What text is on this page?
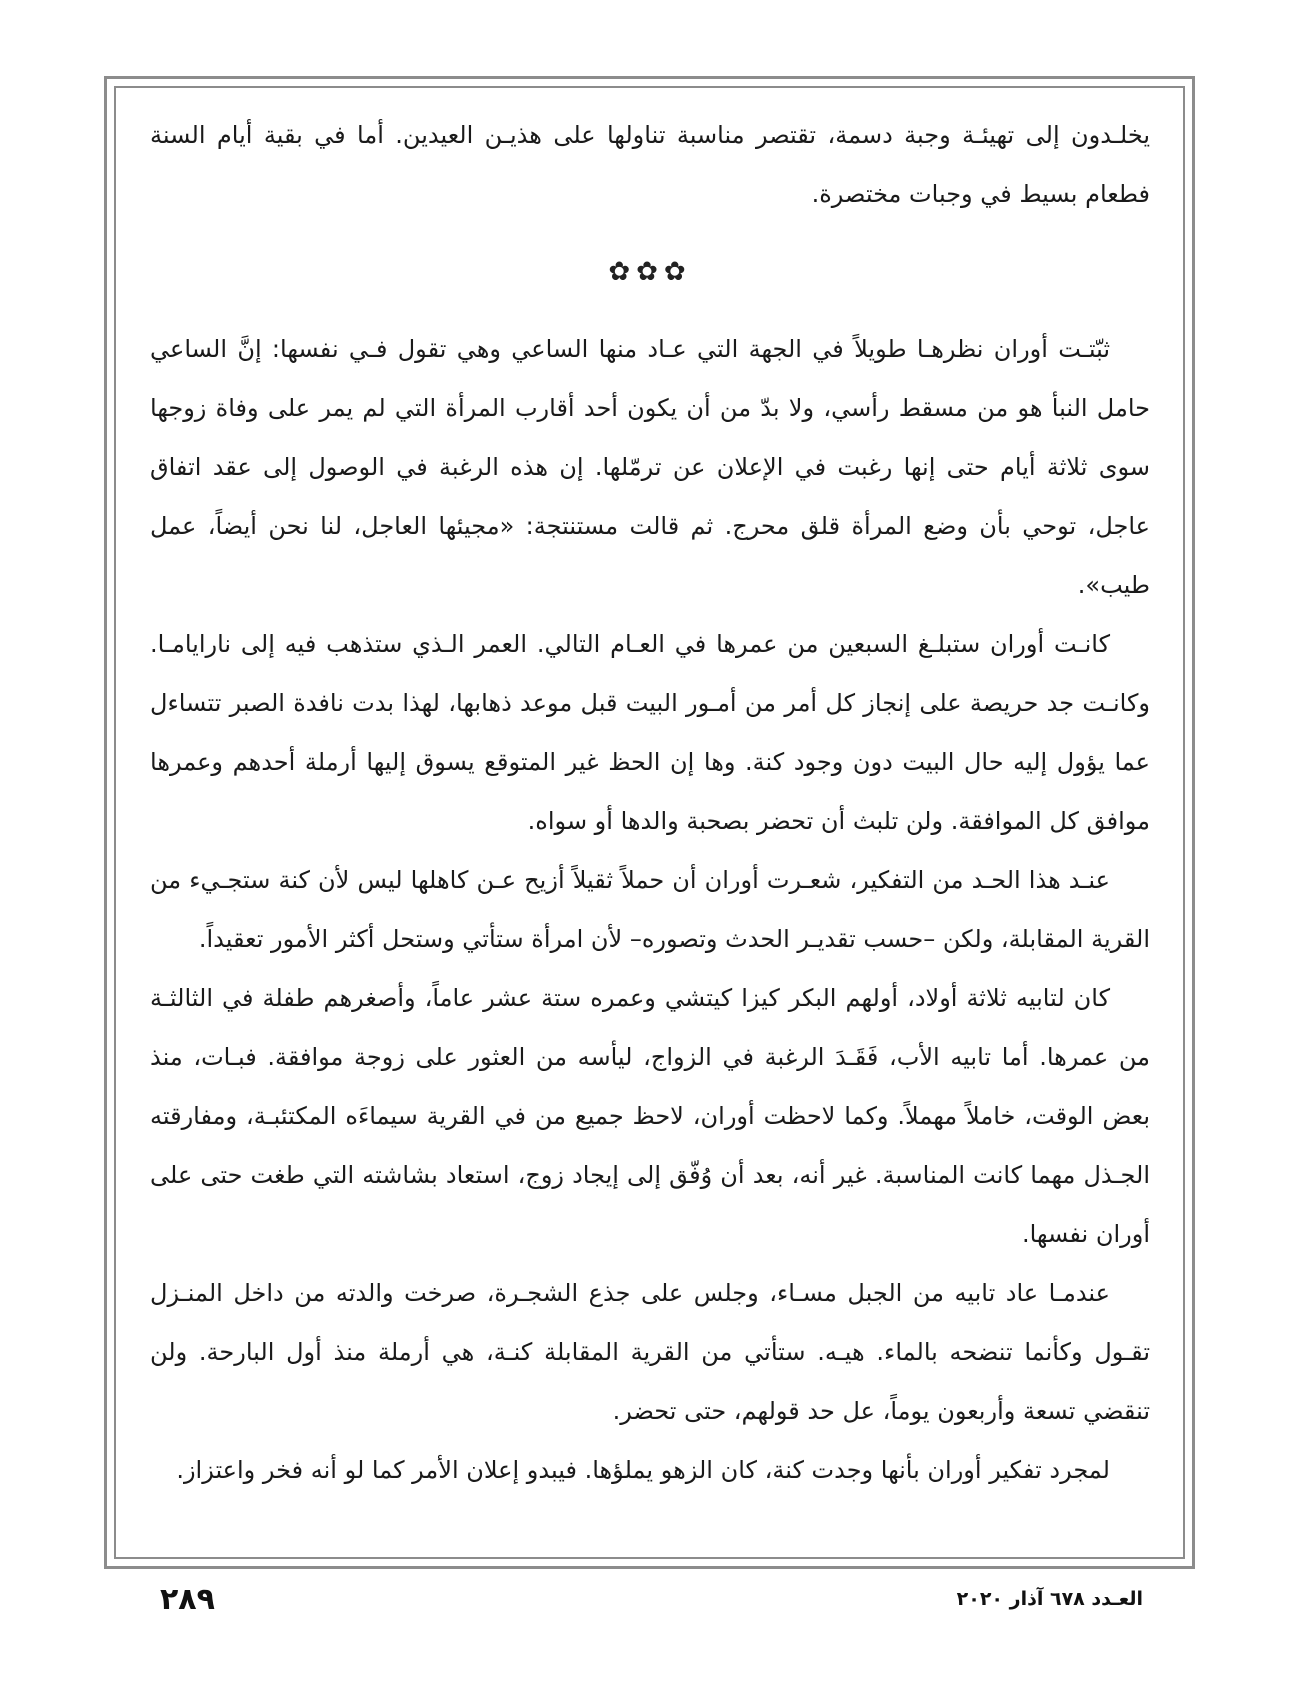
يخلـدون إلى تهيئـة وجبة دسمة، تقتصر مناسبة تناولها على هذيـن العيدين. أما في بقية أيام السنة فطعام بسيط في وجبات مختصرة.

✿✿✿

ثبّتـت أوران نظرهـا طويلاً في الجهة التي عـاد منها الساعي وهي تقول فـي نفسها: إنَّ الساعي حامل النبأ هو من مسقط رأسي، ولا بدّ من أن يكون أحد أقارب المرأة التي لم يمر على وفاة زوجها سوى ثلاثة أيام حتى إنها رغبت في الإعلان عن ترمّلها. إن هذه الرغبة في الوصول إلى عقد اتفاق عاجل، توحي بأن وضع المرأة قلق محرج. ثم قالت مستنتجة: «مجيئها العاجل، لنا نحن أيضاً، عمل طيب».

كانـت أوران ستبلـغ السبعين من عمرها في العـام التالي. العمر الـذي ستذهب فيه إلى نارايامـا. وكانـت جد حريصة على إنجاز كل أمر من أمـور البيت قبل موعد ذهابها، لهذا بدت نافدة الصبر تتساءل عما يؤول إليه حال البيت دون وجود كنة. وها إن الحظ غير المتوقع يسوق إليها أرملة أحدهم وعمرها موافق كل الموافقة. ولن تلبث أن تحضر بصحبة والدها أو سواه.

عنـد هذا الحـد من التفكير، شعـرت أوران أن حملاً ثقيلاً أزيح عـن كاهلها ليس لأن كنة ستجـيء من القرية المقابلة، ولكن –حسب تقديـر الحدث وتصوره– لأن امرأة ستأتي وستحل أكثر الأمور تعقيداً.

كان لتابيه ثلاثة أولاد، أولهم البكر كيزا كيتشي وعمره ستة عشر عاماً، وأصغرهم طفلة في الثالثـة من عمرها. أما تابيه الأب، فَقَـدَ الرغبة في الزواج، ليأسه من العثور على زوجة موافقة. فبـات، منذ بعض الوقت، خاملاً مهملاً. وكما لاحظت أوران، لاحظ جميع من في القرية سيماءَه المكتئبـة، ومفارقته الجـذل مهما كانت المناسبة. غير أنه، بعد أن وُفّق إلى إيجاد زوج، استعاد بشاشته التي طغت حتى على أوران نفسها.

عندمـا عاد تابيه من الجبل مسـاء، وجلس على جذع الشجـرة، صرخت والدته من داخل المنـزل تقـول وكأنما تنضحه بالماء. هيـه. ستأتي من القرية المقابلة كنـة، هي أرملة منذ أول البارحة. ولن تنقضي تسعة وأربعون يوماً، عل حد قولهم، حتى تحضر.

لمجرد تفكير أوران بأنها وجدت كنة، كان الزهو يملؤها. فيبدو إعلان الأمر كما لو أنه فخر واعتزاز.

٢٨٩	العـدد ٦٧٨ آذار ٢٠٢٠
